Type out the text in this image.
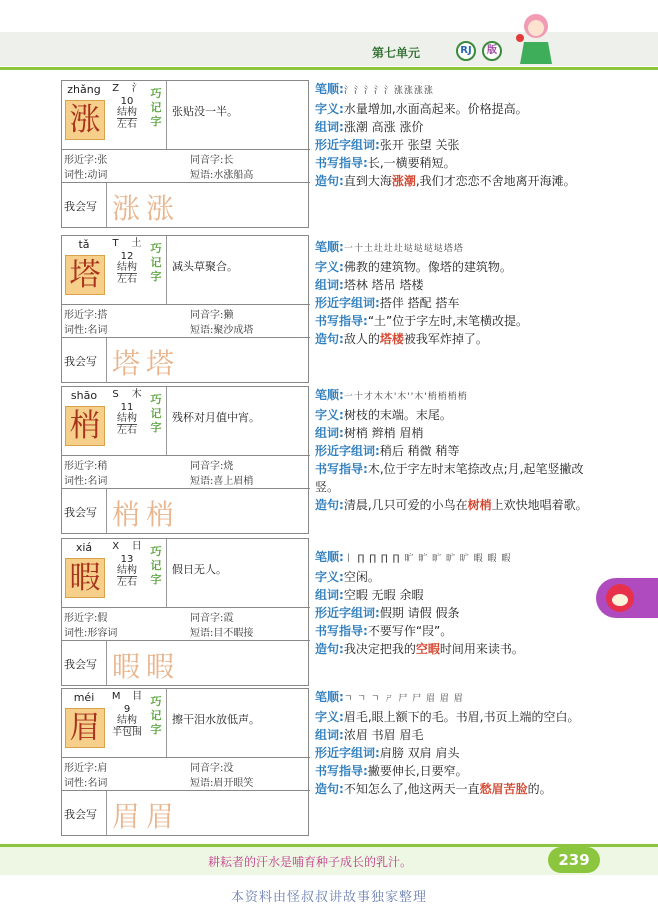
第七单元	RJ	版
zhǎng
涨
Z 氵
10
结构
左右
巧
记
字
张贴没一半。
形近字:张	同音字:长
词性:动词	短语:水涨船高
我会写 涨涨
tǎ
塔
T 土
12
结构
左右
巧
记
字
减头草聚合。
形近字:搭	同音字:獭
词性:名词	短语:聚沙成塔
我会写 塔塔
shāo
梢
S 木
11
结构
左右
巧
记
字
残杯对月值中宵。
形近字:稍	同音字:烧
词性:名词	短语:喜上眉梢
我会写 梢梢
xiá
暇
X 日
13
结构
左右
巧
记
字
假日无人。
形近字:假	同音字:霞
词性:形容词	短语:目不暇接
我会写 暇暇
méi
眉
M 目
9
结构
半包围
巧
记
字
擦干泪水放低声。
形近字:肩	同音字:没
词性:名词	短语:眉开眼笑
我会写 眉眉
笔顺:氵氵氵氵氵涨涨涨涨
字义:水量增加,水面高起来。价格提高。
组词:涨潮 高涨 涨价
形近字组词:张开 张望 关张
书写指导:长,一横要稍短。
造句:直到大海涨潮,我们才恋恋不舍地离开海滩。
笔顺:一十土圵圵圵垯垯垯垯塔塔
字义:佛教的建筑物。像塔的建筑物。
组词:塔林 塔吊 塔楼
形近字组词:搭伴 搭配 搭车
书写指导:“土”位于字左时,末笔横改提。
造句:敌人的塔楼被我军炸掉了。
笔顺:一十才木木'木''木'梢梢梢梢
字义:树枝的末端。末尾。
组词:树梢 辫梢 眉梢
形近字组词:稍后 稍微 稍等
书写指导:木,位于字左时末笔捺改点;月,起笔竖撇改竖。
造句:清晨,几只可爱的小鸟在树梢上欢快地唱着歌。
笔顺:丨 ∏ ∏ ∏ ∏ 旷 旷 旷 旷 旷 暇 暇 暇
字义:空闲。
组词:空暇 无暇 余暇
形近字组词:假期 请假 假条
书写指导:不要写作“叚”。
造句:我决定把我的空暇时间用来读书。
笔顺:ㄱ ㄱ ㄱ ㄕ 尸 尸 眉 眉 眉
字义:眉毛,眼上额下的毛。书眉,书页上端的空白。
组词:浓眉 书眉 眉毛
形近字组词:肩膀 双肩 肩头
书写指导:撇要伸长,日要窄。
造句:不知怎么了,他这两天一直愁眉苦脸的。
耕耘者的汗水是哺育种子成长的乳汁。	239
本资料由怪叔叔讲故事独家整理
